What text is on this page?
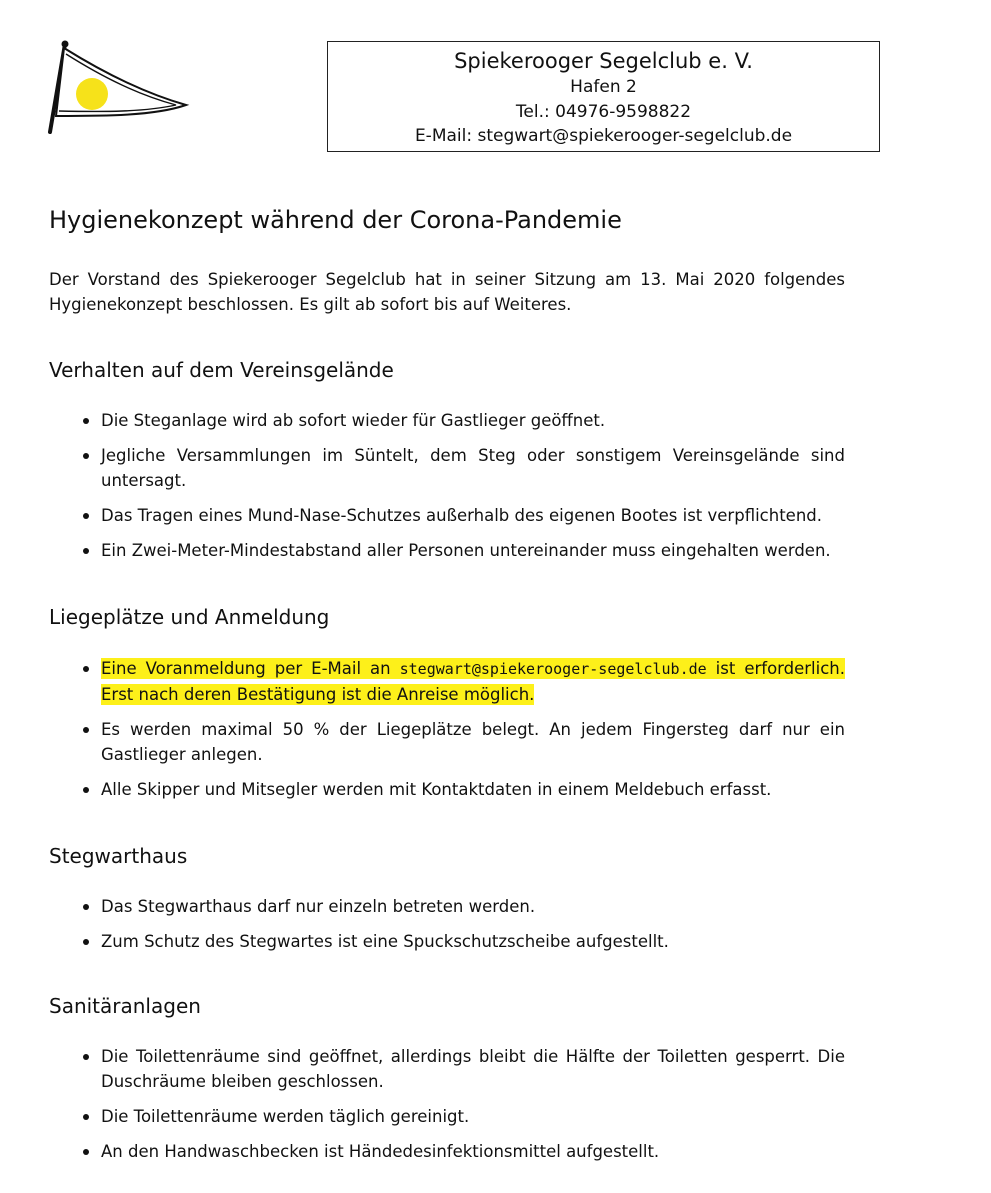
Spiekerooger Segelclub e. V.
Hafen 2
Tel.: 04976-9598822
E-Mail: stegwart@spiekerooger-segelclub.de
Hygienekonzept während der Corona-Pandemie

Der Vorstand des Spiekerooger Segelclub hat in seiner Sitzung am 13. Mai 2020 folgendes Hygienekonzept beschlossen. Es gilt ab sofort bis auf Weiteres.

Verhalten auf dem Vereinsgelände
Die Steganlage wird ab sofort wieder für Gastlieger geöffnet.
Jegliche Versammlungen im Süntelt, dem Steg oder sonstigem Vereinsgelände sind untersagt.
Das Tragen eines Mund-Nase-Schutzes außerhalb des eigenen Bootes ist verpflichtend.
Ein Zwei-Meter-Mindestabstand aller Personen untereinander muss eingehalten werden.
Liegeplätze und Anmeldung
Eine Voranmeldung per E-Mail an stegwart@spiekerooger-segelclub.de ist erforderlich. Erst nach deren Bestätigung ist die Anreise möglich.
Es werden maximal 50 % der Liegeplätze belegt. An jedem Fingersteg darf nur ein Gastlieger anlegen.
Alle Skipper und Mitsegler werden mit Kontaktdaten in einem Meldebuch erfasst.
Stegwarthaus
Das Stegwarthaus darf nur einzeln betreten werden.
Zum Schutz des Stegwartes ist eine Spuckschutzscheibe aufgestellt.
Sanitäranlagen
Die Toilettenräume sind geöffnet, allerdings bleibt die Hälfte der Toiletten gesperrt. Die Duschräume bleiben geschlossen.
Die Toilettenräume werden täglich gereinigt.
An den Handwaschbecken ist Händedesinfektionsmittel aufgestellt.
